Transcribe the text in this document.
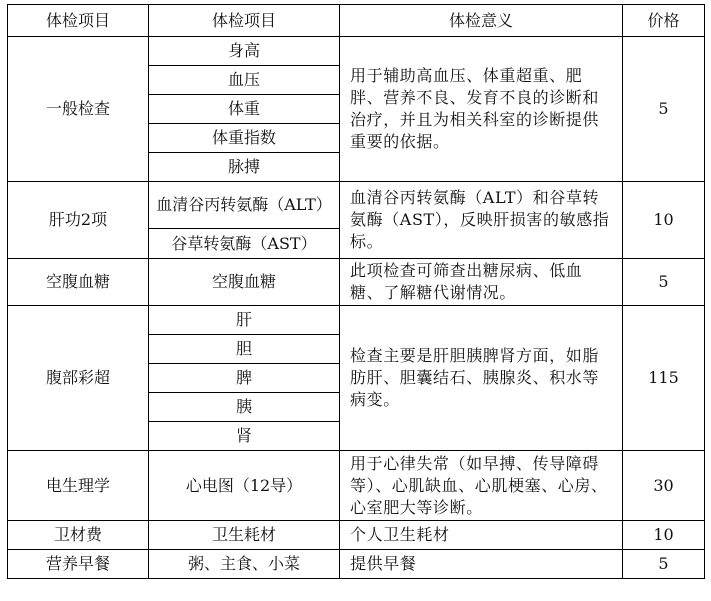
体检项目	体检项目	体检意义	价格
一般检查	身高	用于辅助高血压、体重超重、肥胖、营养不良、发育不良的诊断和治疗，并且为相关科室的诊断提供重要的依据。	5
	血压		
	体重		
	体重指数		
	脉搏		
肝功2项	血清谷丙转氨酶（ALT）	血清谷丙转氨酶（ALT）和谷草转氨酶（AST），反映肝损害的敏感指标。	10
	谷草转氨酶（AST）		
空腹血糖	空腹血糖	此项检查可筛查出糖尿病、低血糖、了解糖代谢情况。	5
腹部彩超	肝	检查主要是肝胆胰脾肾方面，如脂肪肝、胆囊结石、胰腺炎、积水等病变。	115
	胆		
	脾		
	胰		
	肾		
电生理学	心电图（12导）	用于心律失常（如早搏、传导障碍等）、心肌缺血、心肌梗塞、心房、心室肥大等诊断。	30
卫材费	卫生耗材	个人卫生耗材	10
营养早餐	粥、主食、小菜	提供早餐	5
